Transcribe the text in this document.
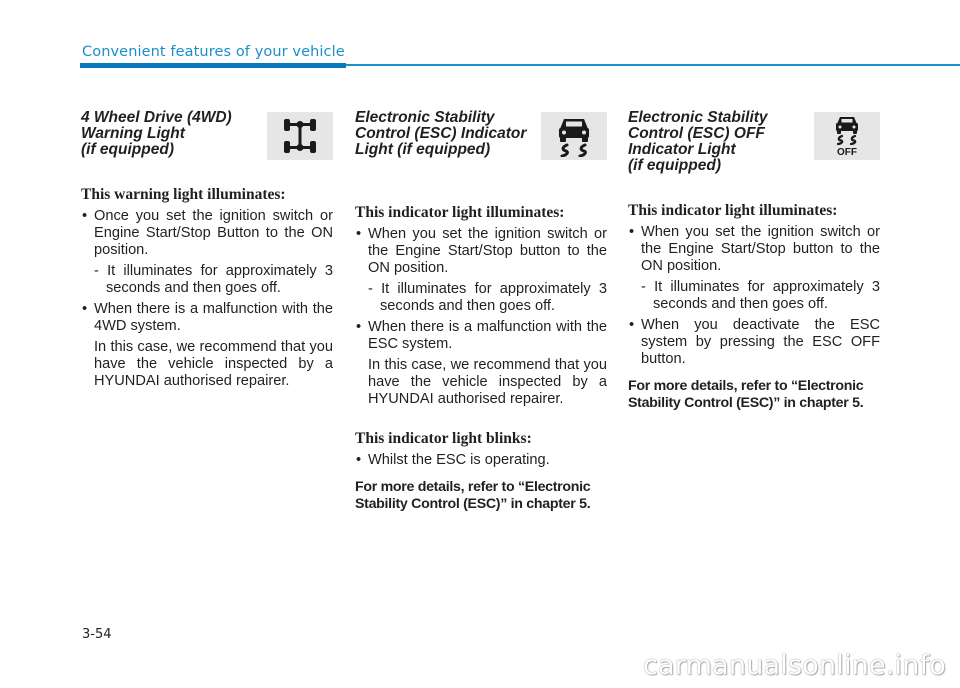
Convenient features of your vehicle
4 Wheel Drive (4WD)
Warning Light
(if equipped)
This warning light illuminates:
• Once you set the ignition switch or Engine Start/Stop Button to the ON position.
- It illuminates for approximately 3 seconds and then goes off.
• When there is a malfunction with the 4WD system.
In this case, we recommend that you have the vehicle inspected by a HYUNDAI authorised repairer.
Electronic Stability
Control (ESC) Indicator
Light (if equipped)
This indicator light illuminates:
• When you set the ignition switch or the Engine Start/Stop button to the ON position.
- It illuminates for approximately 3 seconds and then goes off.
• When there is a malfunction with the ESC system.
In this case, we recommend that you have the vehicle inspected by a HYUNDAI authorised repairer.
This indicator light blinks:
• Whilst the ESC is operating.
For more details, refer to “Electronic Stability Control (ESC)” in chapter 5.
Electronic Stability
Control (ESC) OFF
Indicator Light
(if equipped)
OFF
This indicator light illuminates:
• When you set the ignition switch or the Engine Start/Stop button to the ON position.
- It illuminates for approximately 3 seconds and then goes off.
• When you deactivate the ESC system by pressing the ESC OFF button.
For more details, refer to “Electronic Stability Control (ESC)” in chapter 5.
3-54
carmanualsonline.info
